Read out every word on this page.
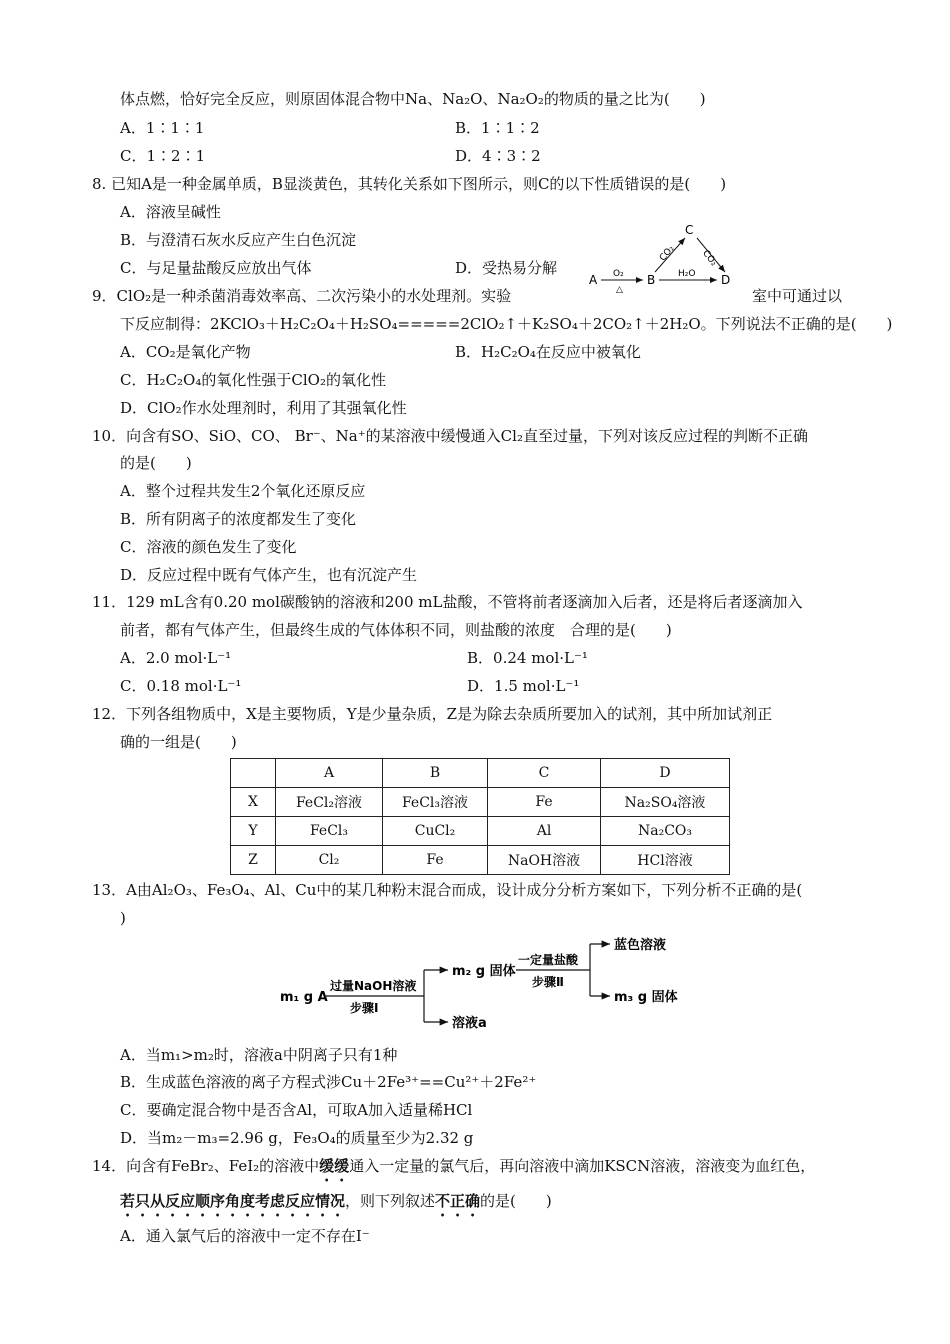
体点燃，恰好完全反应，则原固体混合物中Na、Na₂O、Na₂O₂的物质的量之比为(　　)
A．1∶1∶1	B．1∶1∶2
C．1∶2∶1	D．4∶3∶2
8. 已知A是一种金属单质，B显淡黄色，其转化关系如下图所示，则C的以下性质错误的是(　　)
A．溶液呈碱性
B．与澄清石灰水反应产生白色沉淀
C．与足量盐酸反应放出气体	D．受热易分解
A O₂
△
B	H₂O D
C
CO₂	CO₂
9．ClO₂是一种杀菌消毒效率高、二次污染小的水处理剂。实验	室中可通过以
下反应制得：2KClO₃＋H₂C₂O₄＋H₂SO₄=====2ClO₂↑＋K₂SO₄＋2CO₂↑＋2H₂O。下列说法不正确的是(　　)
A．CO₂是氧化产物	B．H₂C₂O₄在反应中被氧化
C．H₂C₂O₄的氧化性强于ClO₂的氧化性
D．ClO₂作水处理剂时，利用了其强氧化性
10．向含有SO、SiO、CO、 Br⁻、Na⁺的某溶液中缓慢通入Cl₂直至过量，下列对该反应过程的判断不正确
的是(　　)
A．整个过程共发生2个氧化还原反应
B．所有阴离子的浓度都发生了变化
C．溶液的颜色发生了变化
D．反应过程中既有气体产生，也有沉淀产生
11．129 mL含有0.20 mol碳酸钠的溶液和200 mL盐酸，不管将前者逐滴加入后者，还是将后者逐滴加入
前者，都有气体产生，但最终生成的气体体积不同，则盐酸的浓度　合理的是(　　)
A．2.0 mol·L⁻¹	B．0.24 mol·L⁻¹
C．0.18 mol·L⁻¹	D．1.5 mol·L⁻¹
12．下列各组物质中，X是主要物质，Y是少量杂质，Z是为除去杂质所要加入的试剂，其中所加试剂正
确的一组是(　　)
	A	B	C	D
X	FeCl₂溶液	FeCl₃溶液	Fe	Na₂SO₄溶液
Y	FeCl₃	CuCl₂	Al	Na₂CO₃
Z	Cl₂	Fe	NaOH溶液	HCl溶液
13．A由Al₂O₃、Fe₃O₄、Al、Cu中的某几种粉末混合而成，设计成分分析方案如下，下列分析不正确的是(
)
m₁ g A
过量NaOH溶液
步骤Ⅰ
m₂ g 固体
溶液a
一定量盐酸
步骤Ⅱ
蓝色溶液
m₃ g 固体
A．当m₁>m₂时，溶液a中阴离子只有1种
B．生成蓝色溶液的离子方程式涉Cu＋2Fe³⁺==Cu²⁺＋2Fe²⁺
C．要确定混合物中是否含Al，可取A加入适量稀HCl
D．当m₂－m₃=2.96 g，Fe₃O₄的质量至少为2.32 g
14．向含有FeBr₂、FeI₂的溶液中缓缓通入一定量的氯气后，再向溶液中滴加KSCN溶液，溶液变为血红色，
若只从反应顺序角度考虑反应情况，则下列叙述不正确的是(　　)
A．通入氯气后的溶液中一定不存在I⁻
